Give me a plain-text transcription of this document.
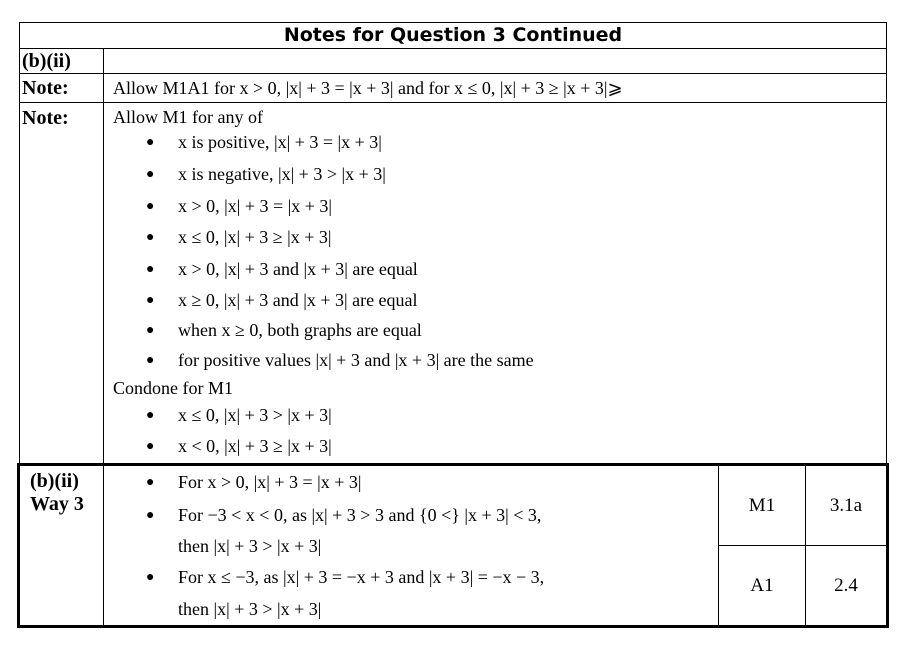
Notes for Question 3 Continued
(b)(ii)
Note: Allow M1A1 for x > 0, |x| + 3 = |x + 3| and for x ≤ 0, |x| + 3 ≥ |x + 3|⩾
Note: Allow M1 for any of
● x is positive, |x| + 3 = |x + 3|
● x is negative, |x| + 3 > |x + 3|
● x > 0, |x| + 3 = |x + 3|
● x ≤ 0, |x| + 3 ≥ |x + 3|
● x > 0, |x| + 3 and |x + 3| are equal
● x ≥ 0, |x| + 3 and |x + 3| are equal
● when x ≥ 0, both graphs are equal
● for positive values |x| + 3 and |x + 3| are the same
Condone for M1
● x ≤ 0, |x| + 3 > |x + 3|
● x < 0, |x| + 3 ≥ |x + 3|
(b)(ii)
Way 3
● For x > 0, |x| + 3 = |x + 3|
● For −3 < x < 0, as |x| + 3 > 3 and {0 <} |x + 3| < 3,
then |x| + 3 > |x + 3|
● For x ≤ −3, as |x| + 3 = −x + 3 and |x + 3| = −x − 3,
then |x| + 3 > |x + 3|
M1	3.1a
A1	2.4
